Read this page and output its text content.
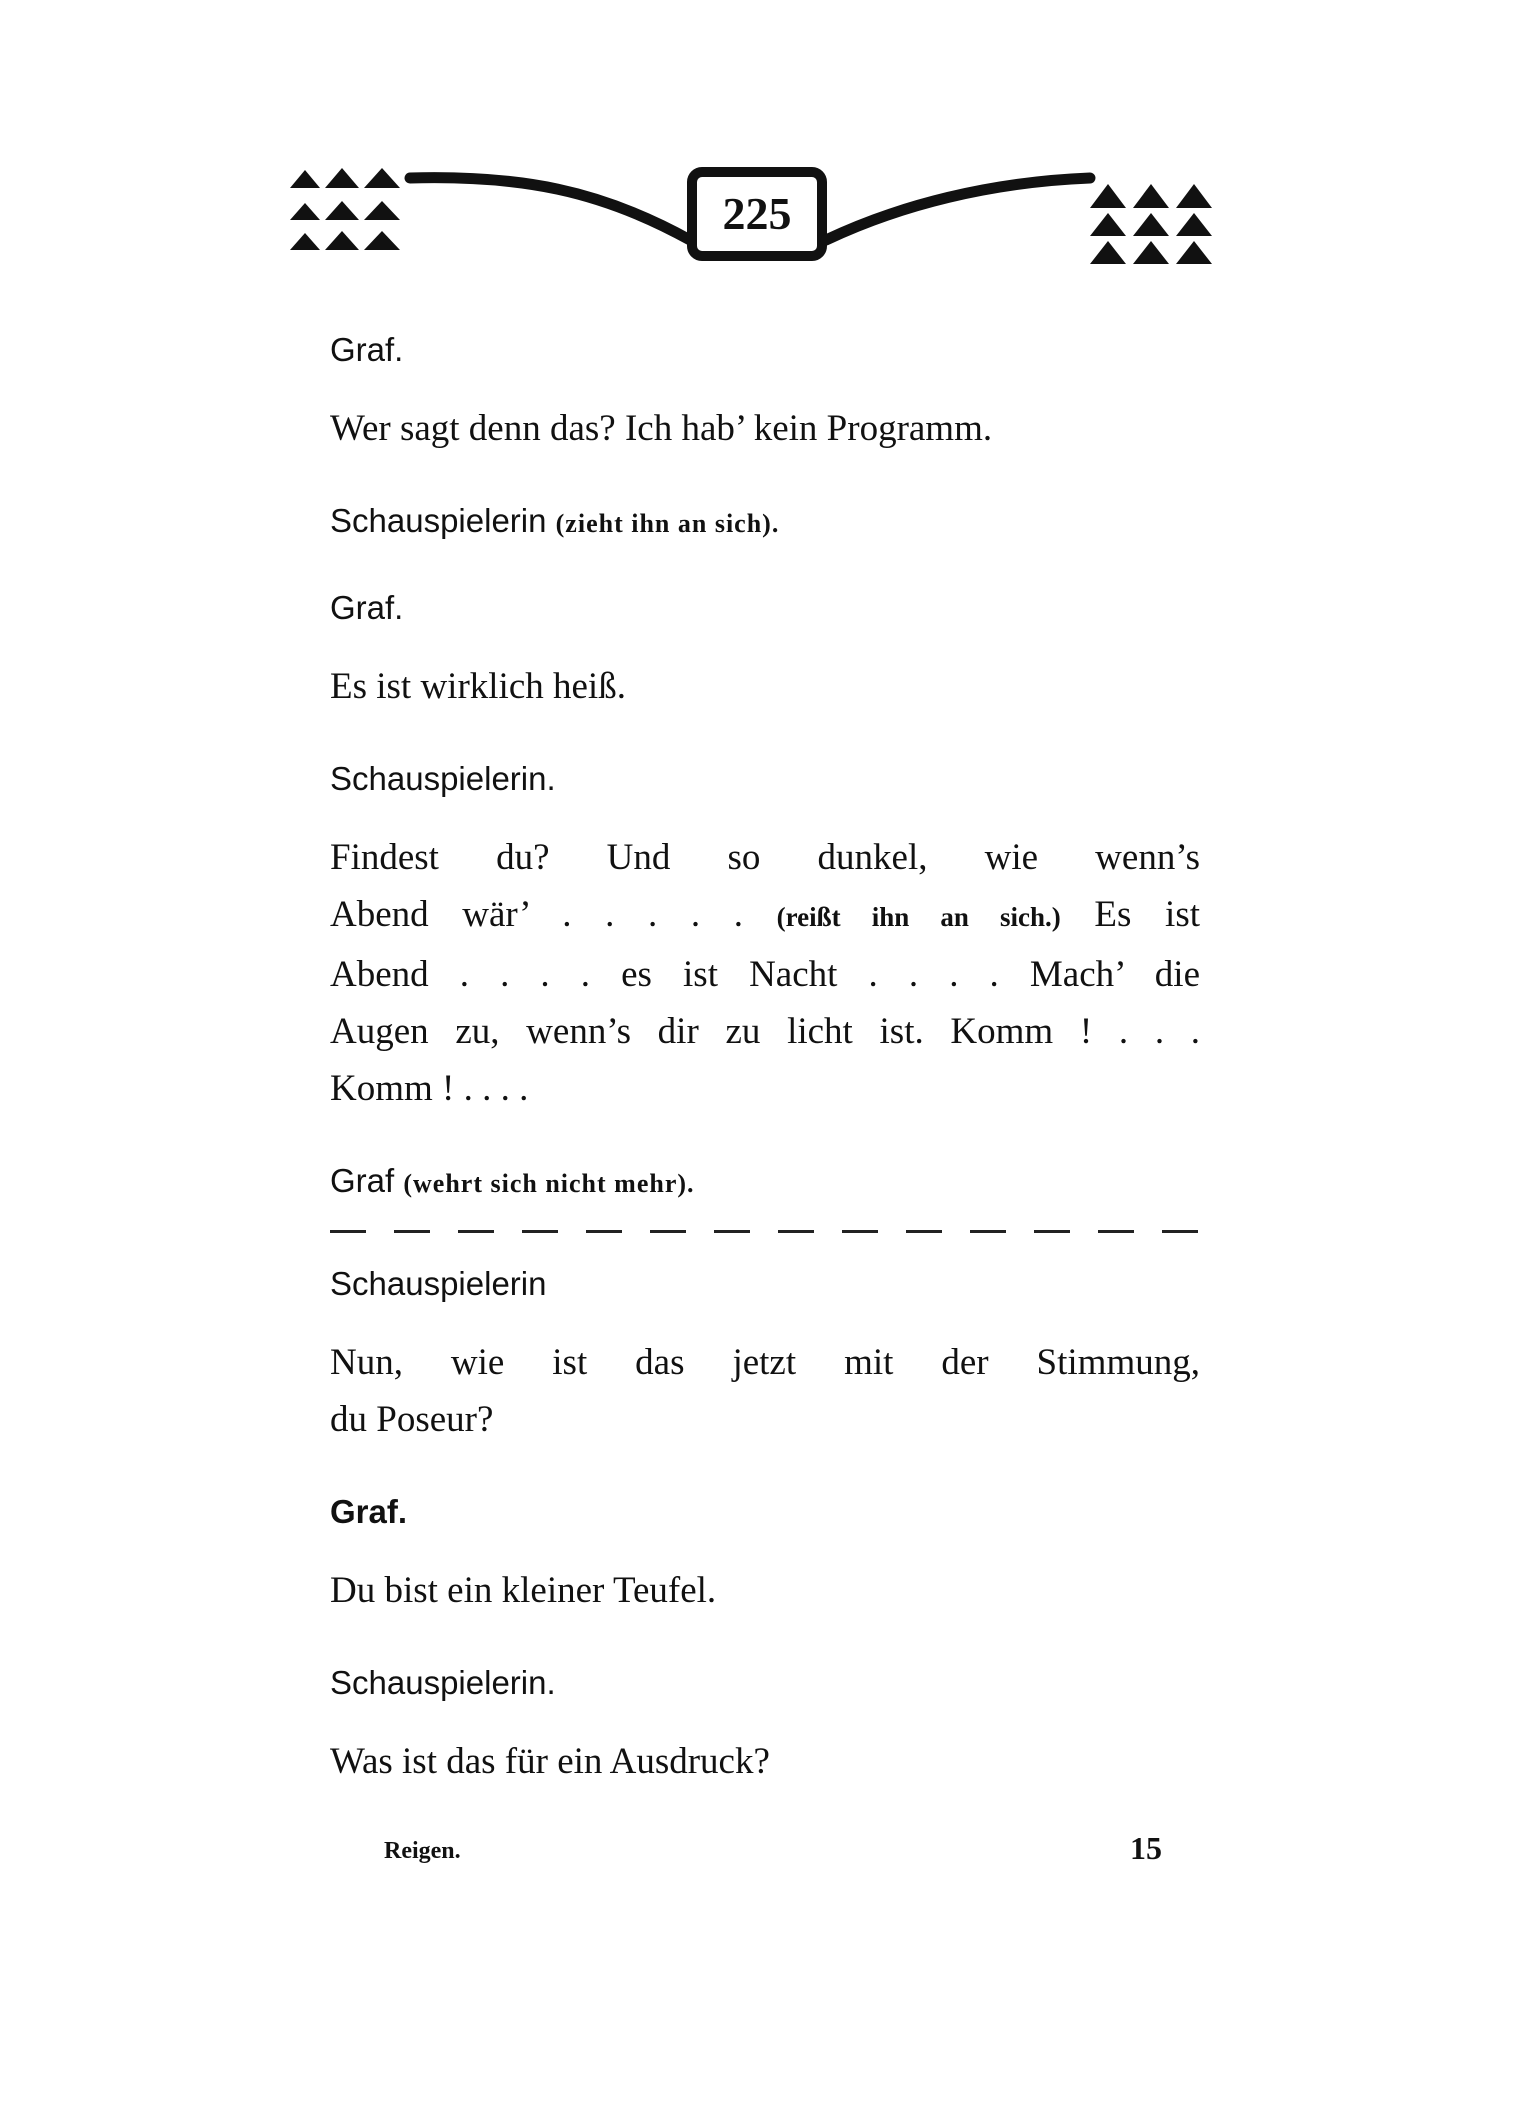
225

Graf.

Wer sagt denn das? Ich hab’ kein Programm.

Schauspielerin (zieht ihn an sich).

Graf.

Es ist wirklich heiß.

Schauspielerin.

Findest du? Und so dunkel, wie wenn’s

Abend wär’ . . . . . (reißt ihn an sich.) Es ist

Abend . . . . es ist Nacht . . . . Mach’ die

Augen zu, wenn’s dir zu licht ist. Komm ! . . .

Komm ! . . . .

Graf (wehrt sich nicht mehr).

Schauspielerin

Nun, wie ist das jetzt mit der Stimmung,

du Poseur?

Graf.

Du bist ein kleiner Teufel.

Schauspielerin.

Was ist das für ein Ausdruck?

Reigen.	15
